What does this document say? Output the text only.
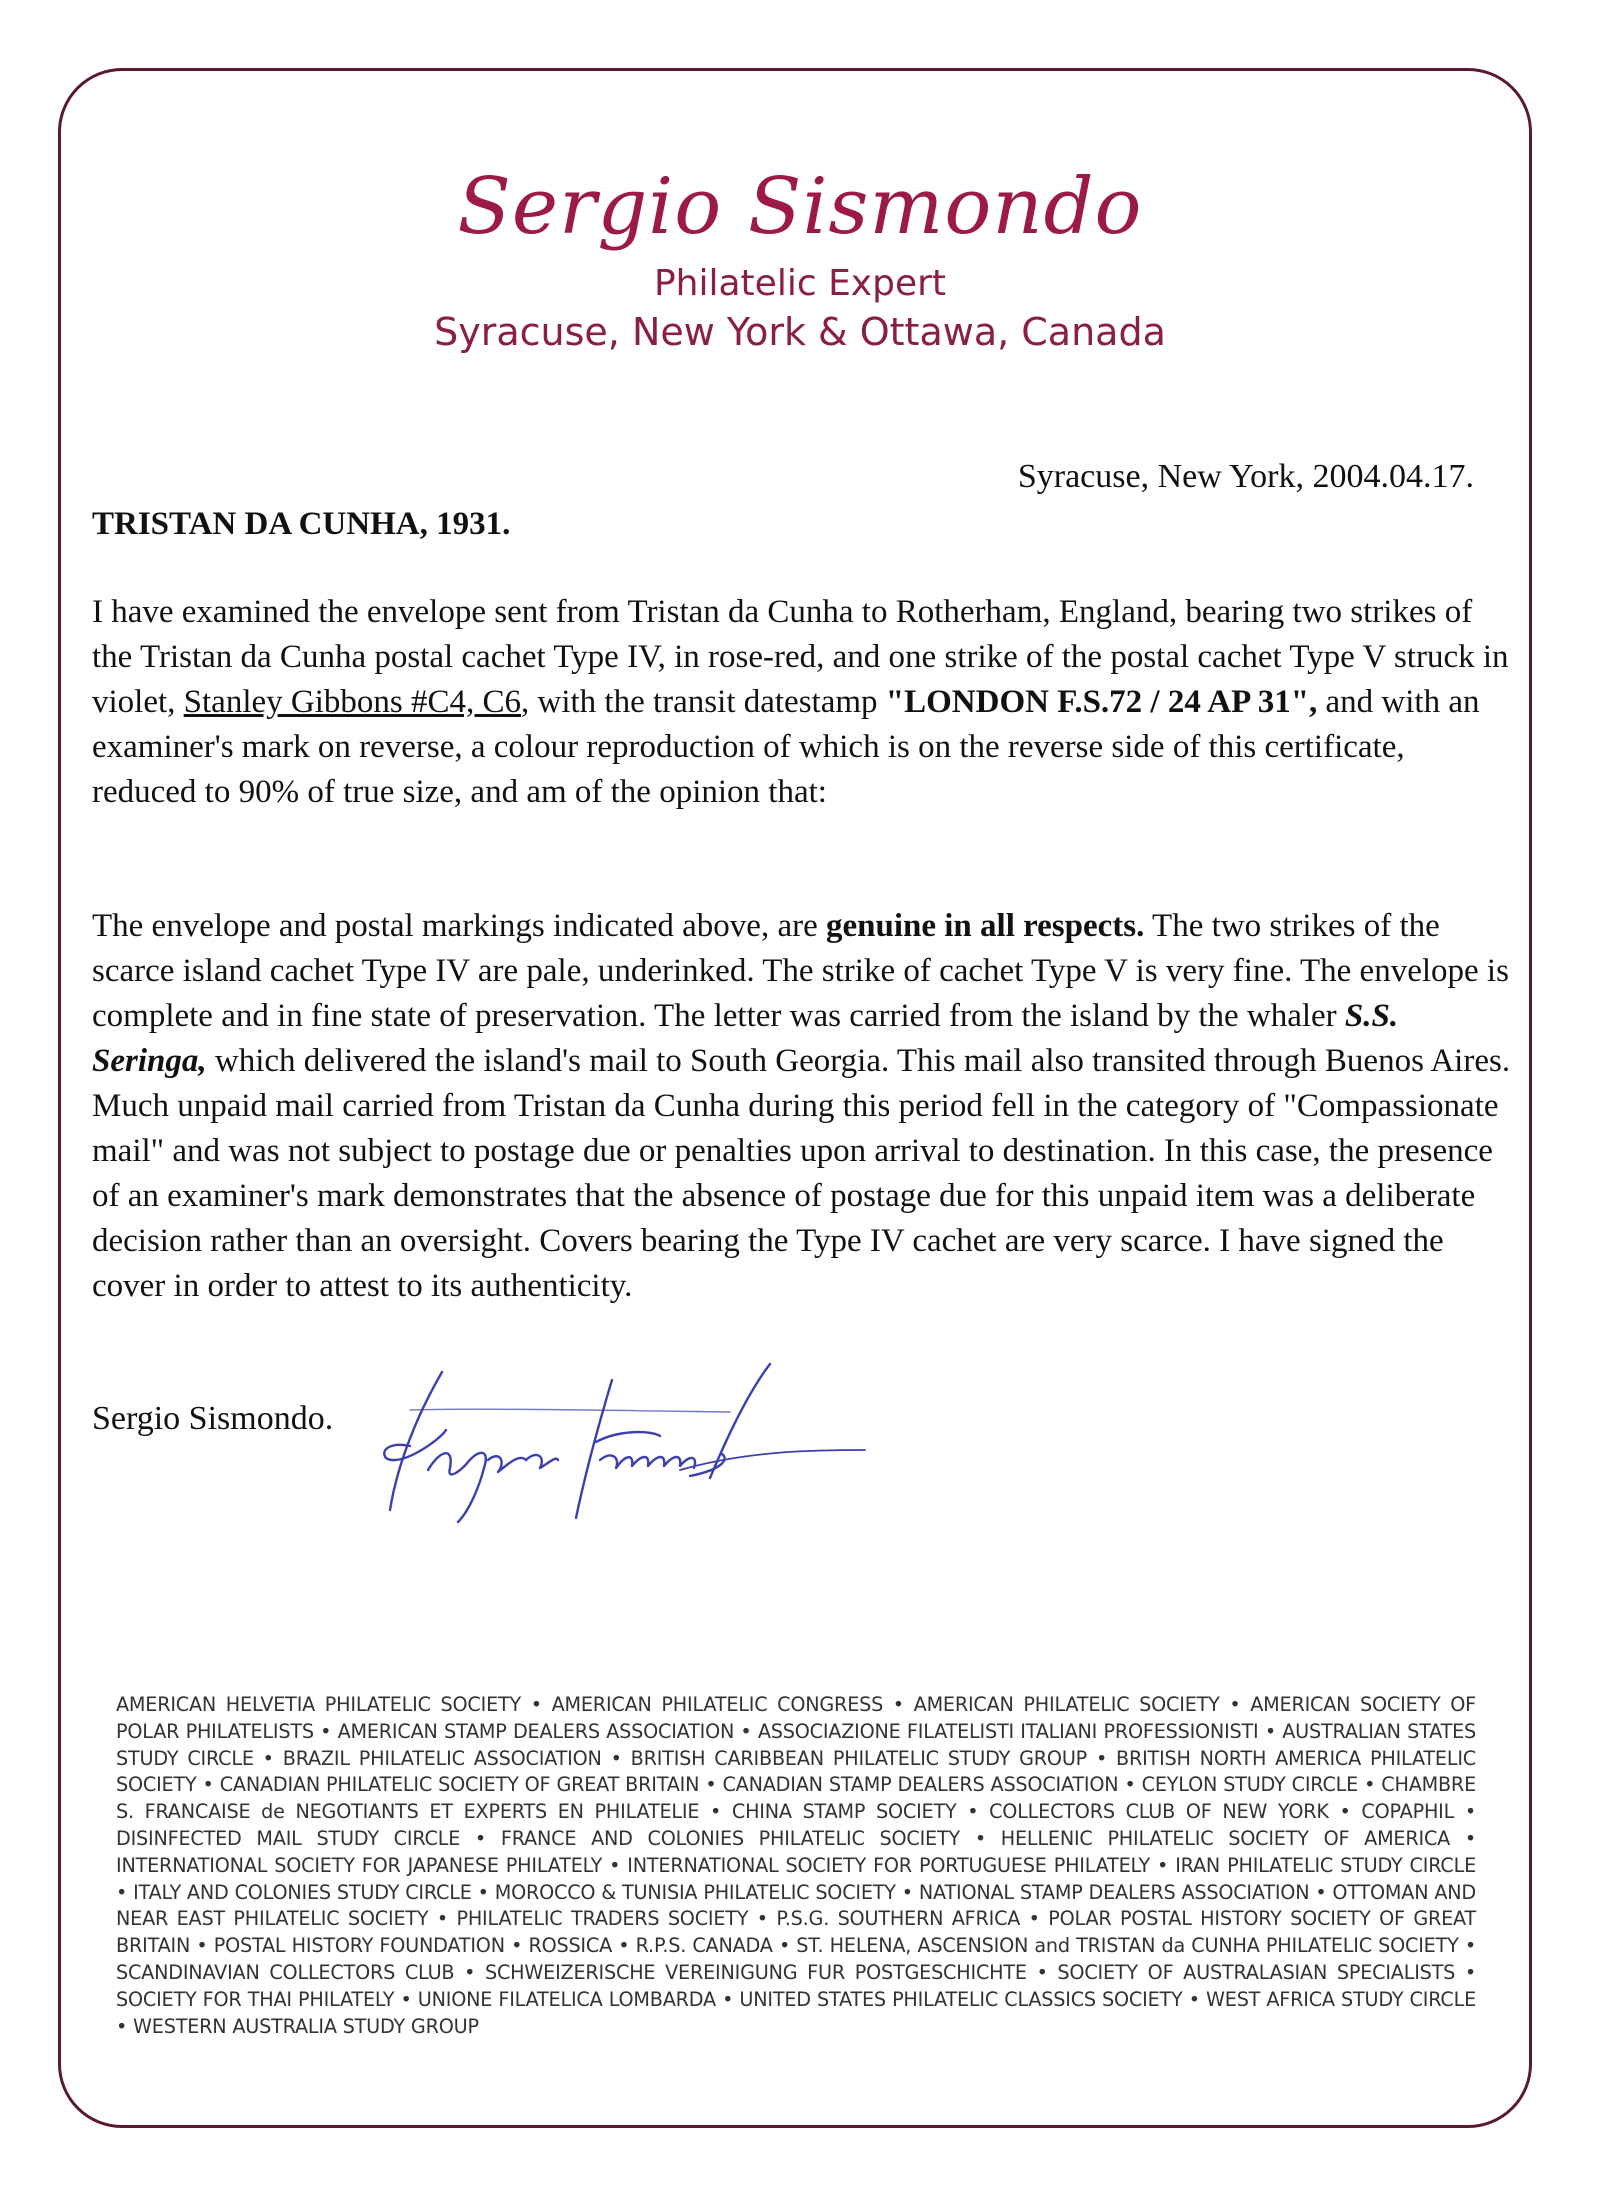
Sergio Sismondo
Philatelic Expert
Syracuse, New York & Ottawa, Canada
Syracuse, New York, 2004.04.17.
TRISTAN DA CUNHA, 1931.
I have examined the envelope sent from Tristan da Cunha to Rotherham, England, bearing two strikes of the Tristan da Cunha postal cachet Type IV, in rose-red, and one strike of the postal cachet Type V struck in violet, Stanley Gibbons #C4, C6, with the transit datestamp "LONDON F.S.72 / 24 AP 31", and with an examiner's mark on reverse, a colour reproduction of which is on the reverse side of this certificate, reduced to 90% of true size, and am of the opinion that:
The envelope and postal markings indicated above, are genuine in all respects. The two strikes of the scarce island cachet Type IV are pale, underinked. The strike of cachet Type V is very fine. The envelope is complete and in fine state of preservation. The letter was carried from the island by the whaler S.S. Seringa, which delivered the island's mail to South Georgia. This mail also transited through Buenos Aires. Much unpaid mail carried from Tristan da Cunha during this period fell in the category of "Compassionate mail" and was not subject to postage due or penalties upon arrival to destination. In this case, the presence of an examiner's mark demonstrates that the absence of postage due for this unpaid item was a deliberate decision rather than an oversight. Covers bearing the Type IV cachet are very scarce. I have signed the cover in order to attest to its authenticity.
Sergio Sismondo.
AMERICAN HELVETIA PHILATELIC SOCIETY • AMERICAN PHILATELIC CONGRESS • AMERICAN PHILATELIC SOCIETY • AMERICAN SOCIETY OF POLAR PHILATELISTS • AMERICAN STAMP DEALERS ASSOCIATION • ASSOCIAZIONE FILATELISTI ITALIANI PROFESSIONISTI • AUSTRALIAN STATES STUDY CIRCLE • BRAZIL PHILATELIC ASSOCIATION • BRITISH CARIBBEAN PHILATELIC STUDY GROUP • BRITISH NORTH AMERICA PHILATELIC SOCIETY • CANADIAN PHILATELIC SOCIETY OF GREAT BRITAIN • CANADIAN STAMP DEALERS ASSOCIATION • CEYLON STUDY CIRCLE • CHAMBRE S. FRANCAISE de NEGOTIANTS ET EXPERTS EN PHILATELIE • CHINA STAMP SOCIETY • COLLECTORS CLUB OF NEW YORK • COPAPHIL • DISINFECTED MAIL STUDY CIRCLE • FRANCE AND COLONIES PHILATELIC SOCIETY • HELLENIC PHILATELIC SOCIETY OF AMERICA • INTERNATIONAL SOCIETY FOR JAPANESE PHILATELY • INTERNATIONAL SOCIETY FOR PORTUGUESE PHILATELY • IRAN PHILATELIC STUDY CIRCLE • ITALY AND COLONIES STUDY CIRCLE • MOROCCO & TUNISIA PHILATELIC SOCIETY • NATIONAL STAMP DEALERS ASSOCIATION • OTTOMAN AND NEAR EAST PHILATELIC SOCIETY • PHILATELIC TRADERS SOCIETY • P.S.G. SOUTHERN AFRICA • POLAR POSTAL HISTORY SOCIETY OF GREAT BRITAIN • POSTAL HISTORY FOUNDATION • ROSSICA • R.P.S. CANADA • ST. HELENA, ASCENSION and TRISTAN da CUNHA PHILATELIC SOCIETY • SCANDINAVIAN COLLECTORS CLUB • SCHWEIZERISCHE VEREINIGUNG FUR POSTGESCHICHTE • SOCIETY OF AUSTRALASIAN SPECIALISTS • SOCIETY FOR THAI PHILATELY • UNIONE FILATELICA LOMBARDA • UNITED STATES PHILATELIC CLASSICS SOCIETY • WEST AFRICA STUDY CIRCLE • WESTERN AUSTRALIA STUDY GROUP
